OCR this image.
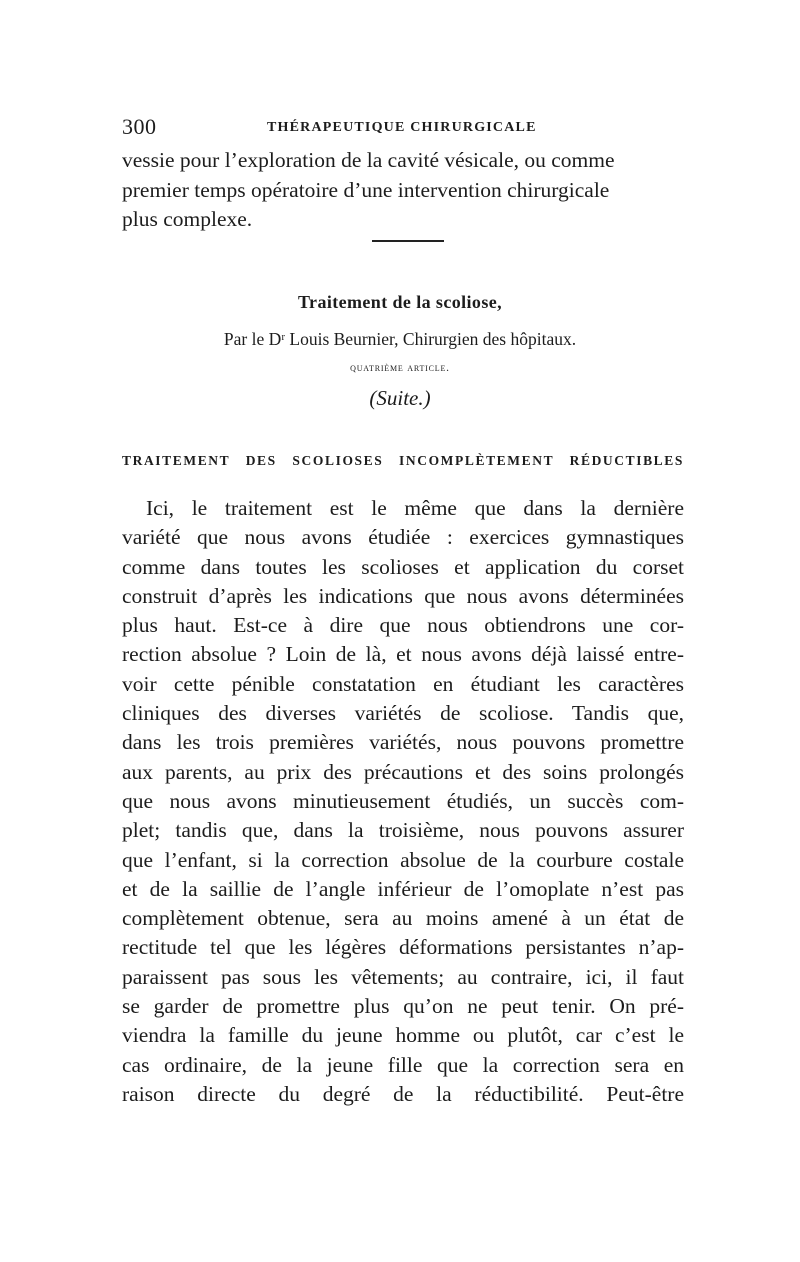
300	THÉRAPEUTIQUE CHIRURGICALE
vessie pour l’exploration de la cavité vésicale, ou comme
premier temps opératoire d’une intervention chirurgicale
plus complexe.
Traitement de la scoliose,
Par le Dʳ Louis Beurnier, Chirurgien des hôpitaux.
quatrième article.
(Suite.)
TRAITEMENT DES SCOLIOSES INCOMPLÈTEMENT RÉDUCTIBLES
Ici, le traitement est le même que dans la dernière
variété que nous avons étudiée : exercices gymnastiques
comme dans toutes les scolioses et application du corset
construit d’après les indications que nous avons déterminées
plus haut. Est-ce à dire que nous obtiendrons une cor-
rection absolue ? Loin de là, et nous avons déjà laissé entre-
voir cette pénible constatation en étudiant les caractères
cliniques des diverses variétés de scoliose. Tandis que,
dans les trois premières variétés, nous pouvons promettre
aux parents, au prix des précautions et des soins prolongés
que nous avons minutieusement étudiés, un succès com-
plet; tandis que, dans la troisième, nous pouvons assurer
que l’enfant, si la correction absolue de la courbure costale
et de la saillie de l’angle inférieur de l’omoplate n’est pas
complètement obtenue, sera au moins amené à un état de
rectitude tel que les légères déformations persistantes n’ap-
paraissent pas sous les vêtements; au contraire, ici, il faut
se garder de promettre plus qu’on ne peut tenir. On pré-
viendra la famille du jeune homme ou plutôt, car c’est le
cas ordinaire, de la jeune fille que la correction sera en
raison directe du degré de la réductibilité. Peut-être
